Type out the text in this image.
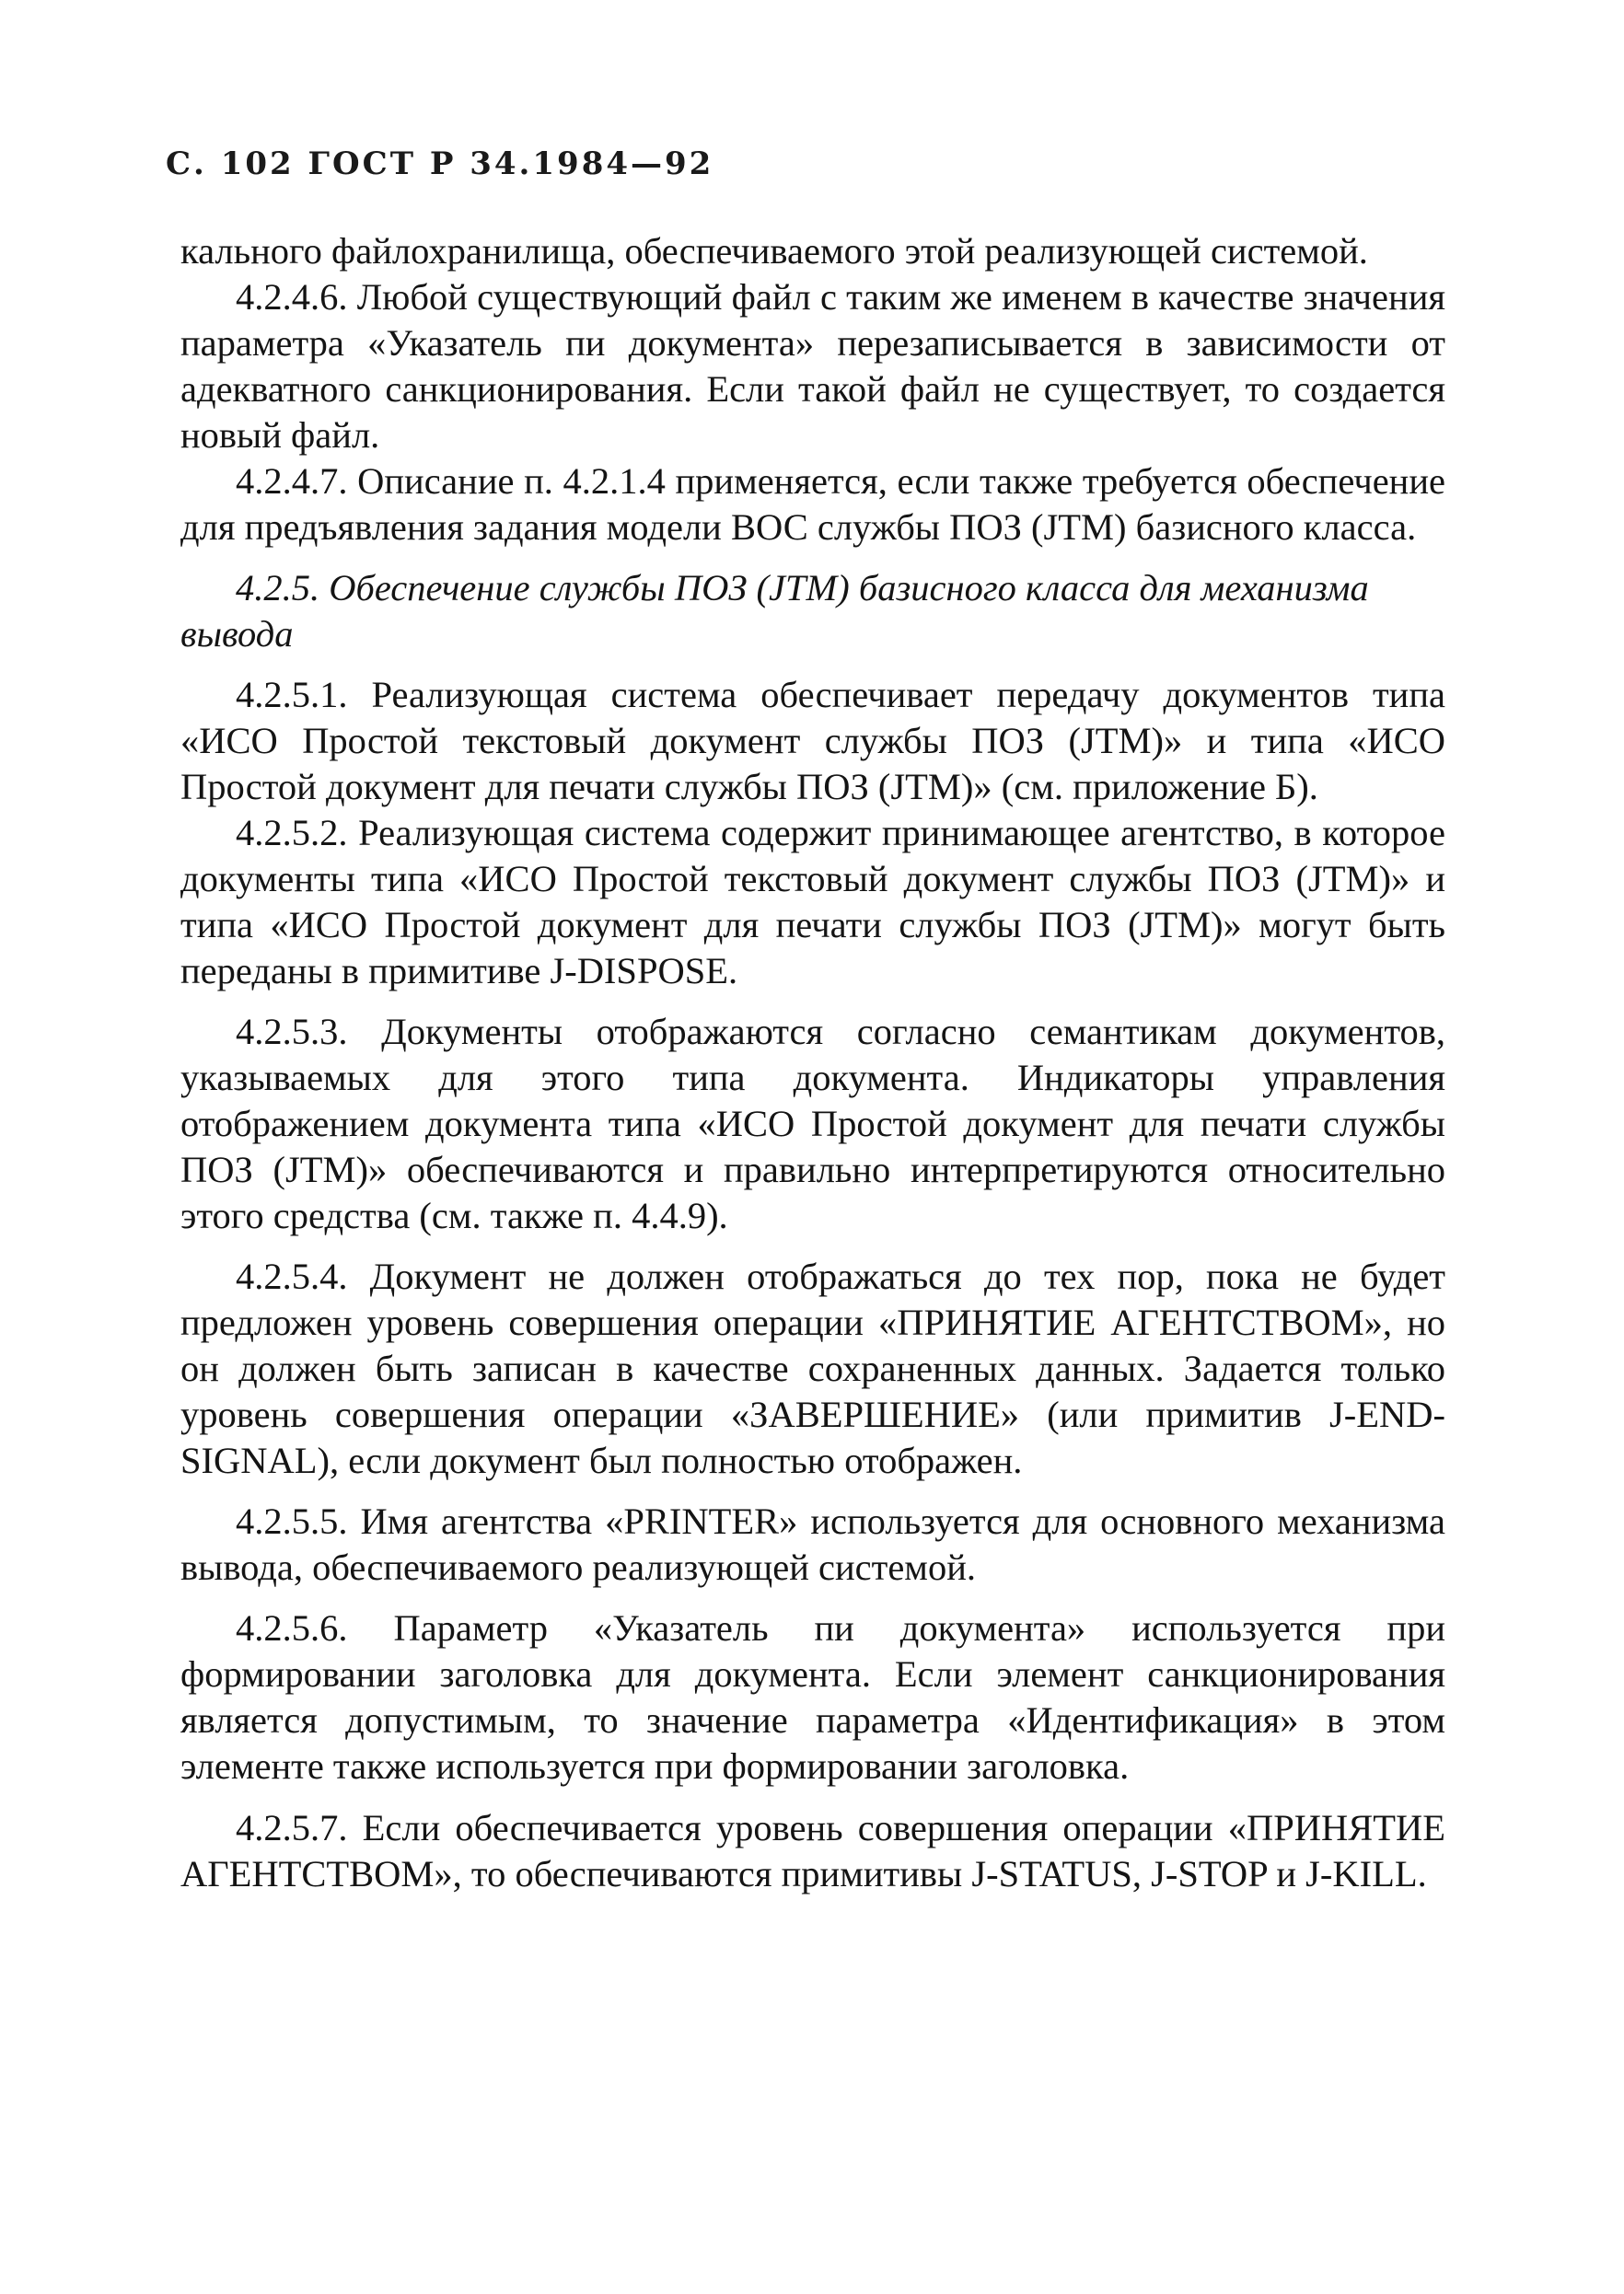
С. 102 ГОСТ Р 34.1984—92

кального файлохранилища, обеспечиваемого этой реализующей системой.

4.2.4.6. Любой существующий файл с таким же именем в качестве значения параметра «Указатель пи документа» перезаписывается в зависимости от адекватного санкционирования. Если такой файл не существует, то создается новый файл.

4.2.4.7. Описание п. 4.2.1.4 применяется, если также требуется обеспечение для предъявления задания модели ВОС службы ПОЗ (JTM) базисного класса.

4.2.5. Обеспечение службы ПОЗ (JTM) базисного класса для механизма вывода

4.2.5.1. Реализующая система обеспечивает передачу документов типа «ИСО Простой текстовый документ службы ПОЗ (JTM)» и типа «ИСО Простой документ для печати службы ПОЗ (JTM)» (см. приложение Б).

4.2.5.2. Реализующая система содержит принимающее агентство, в которое документы типа «ИСО Простой текстовый документ службы ПОЗ (JTM)» и типа «ИСО Простой документ для печати службы ПОЗ (JTM)» могут быть переданы в примитиве J-DISPOSE.

4.2.5.3. Документы отображаются согласно семантикам документов, указываемых для этого типа документа. Индикаторы управления отображением документа типа «ИСО Простой документ для печати службы ПОЗ (JTM)» обеспечиваются и правильно интерпретируются относительно этого средства (см. также п. 4.4.9).

4.2.5.4. Документ не должен отображаться до тех пор, пока не будет предложен уровень совершения операции «ПРИНЯТИЕ АГЕНТСТВОМ», но он должен быть записан в качестве сохраненных данных. Задается только уровень совершения операции «ЗАВЕРШЕНИЕ» (или примитив J-END-SIGNAL), если документ был полностью отображен.

4.2.5.5. Имя агентства «PRINTER» используется для основного механизма вывода, обеспечиваемого реализующей системой.

4.2.5.6. Параметр «Указатель пи документа» используется при формировании заголовка для документа. Если элемент санкционирования является допустимым, то значение параметра «Идентификация» в этом элементе также используется при формировании заголовка.

4.2.5.7. Если обеспечивается уровень совершения операции «ПРИНЯТИЕ АГЕНТСТВОМ», то обеспечиваются примитивы J-STATUS, J-STOP и J-KILL.
